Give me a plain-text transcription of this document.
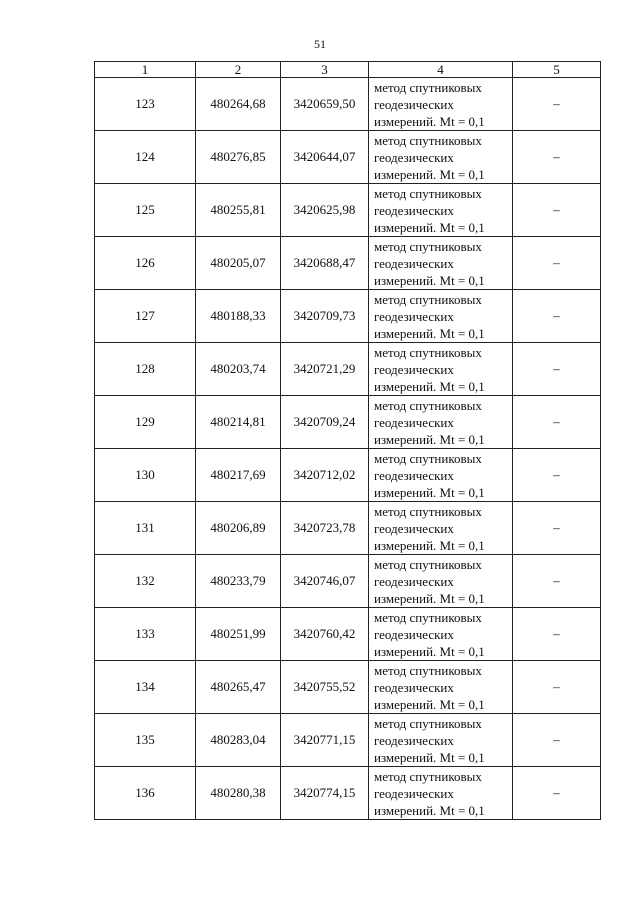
51
1	2	3	4	5
123	480264,68	3420659,50	метод спутниковых
геодезических
измерений. Mt = 0,1	–
124	480276,85	3420644,07	метод спутниковых
геодезических
измерений. Mt = 0,1	–
125	480255,81	3420625,98	метод спутниковых
геодезических
измерений. Mt = 0,1	–
126	480205,07	3420688,47	метод спутниковых
геодезических
измерений. Mt = 0,1	–
127	480188,33	3420709,73	метод спутниковых
геодезических
измерений. Mt = 0,1	–
128	480203,74	3420721,29	метод спутниковых
геодезических
измерений. Mt = 0,1	–
129	480214,81	3420709,24	метод спутниковых
геодезических
измерений. Mt = 0,1	–
130	480217,69	3420712,02	метод спутниковых
геодезических
измерений. Mt = 0,1	–
131	480206,89	3420723,78	метод спутниковых
геодезических
измерений. Mt = 0,1	–
132	480233,79	3420746,07	метод спутниковых
геодезических
измерений. Mt = 0,1	–
133	480251,99	3420760,42	метод спутниковых
геодезических
измерений. Mt = 0,1	–
134	480265,47	3420755,52	метод спутниковых
геодезических
измерений. Mt = 0,1	–
135	480283,04	3420771,15	метод спутниковых
геодезических
измерений. Mt = 0,1	–
136	480280,38	3420774,15	метод спутниковых
геодезических
измерений. Mt = 0,1	–
